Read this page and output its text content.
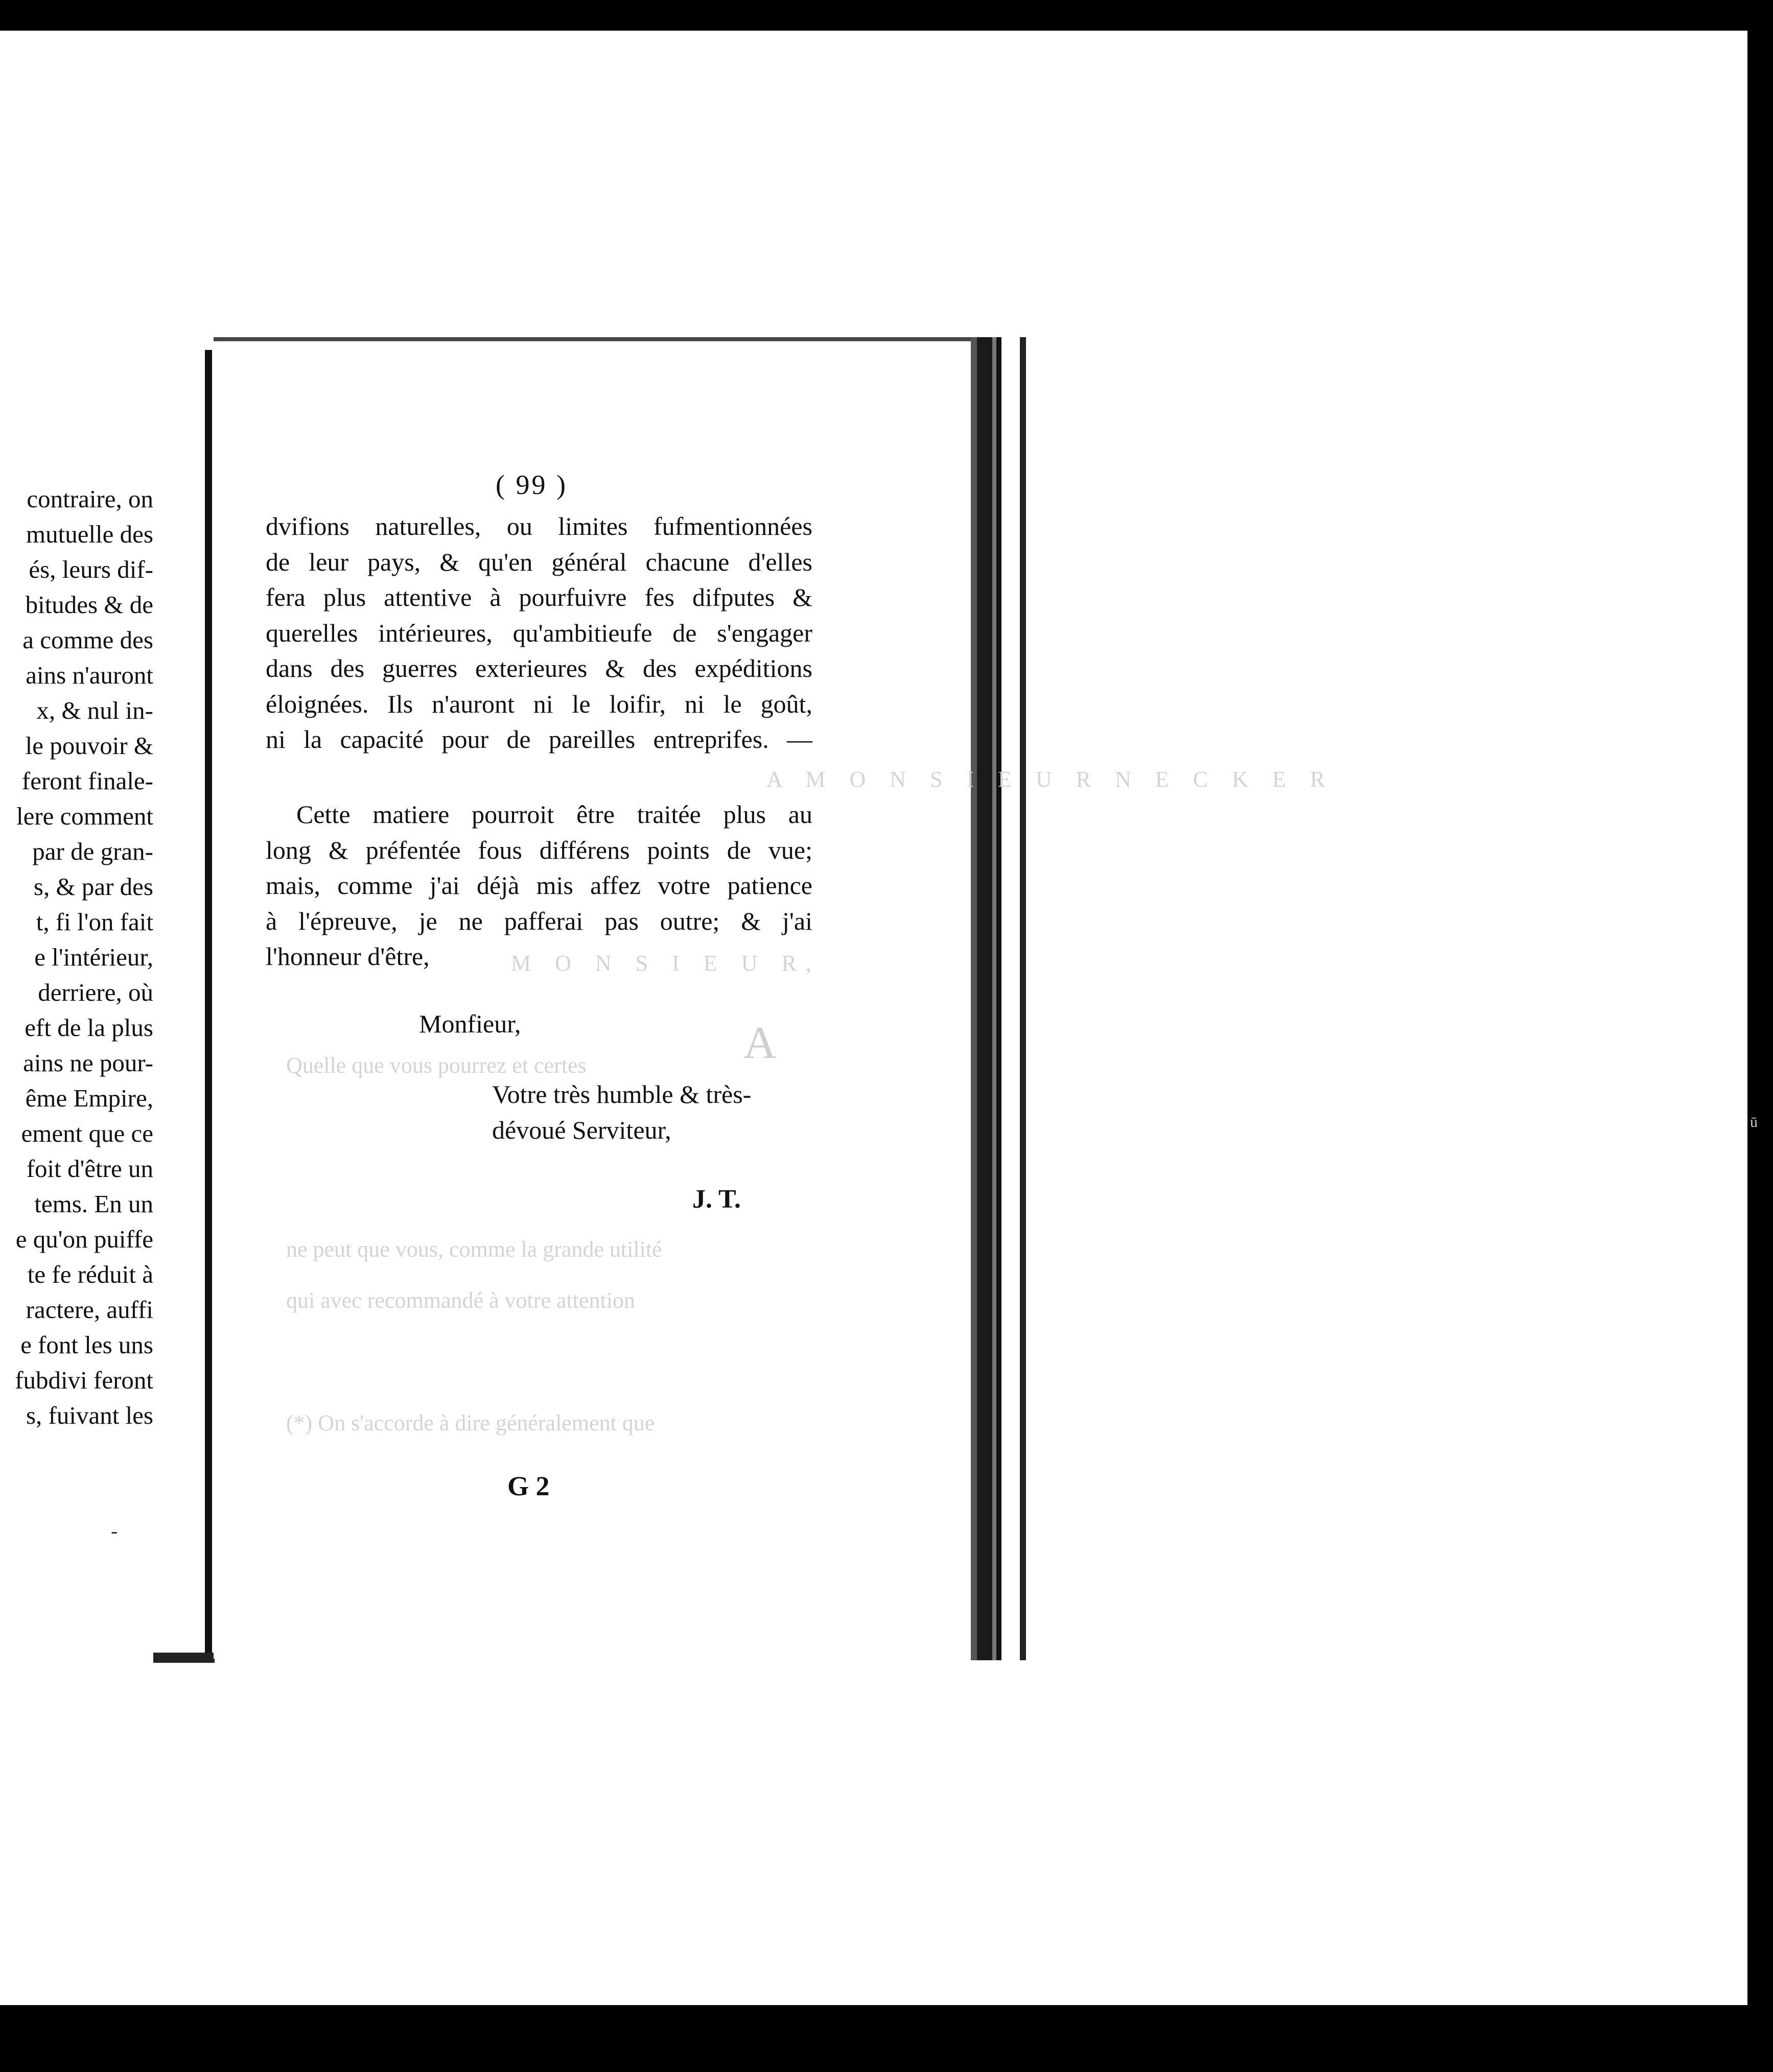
contraire, on
mutuelle des
és, leurs dif-
bitudes & de
a comme des
ains n'auront
x, & nul in-
le pouvoir &
feront finale-
lere comment
par de gran-
s, & par des
t, fi l'on fait
e l'intérieur,
derriere, où
eft de la plus
ains ne pour-
ême Empire,
ement que ce
foit d'être un
tems. En un
e qu'on puiffe
te fe réduit à
ractere, auffi
e font les uns
fubdivi feront
s, fuivant les
-
A M O N S I E U R N E C K E R
M O N S I E U R,
A
Quelle que vous pourrez et certes
ne peut que vous, comme la grande utilité
qui avec recommandé à votre attention
(*) On s'accorde à dire généralement que
( 99 )
dvifions naturelles, ou limites fufmentionnées
de leur pays, & qu'en général chacune d'elles
fera plus attentive à pourfuivre fes difputes &
querelles intérieures, qu'ambitieufe de s'engager
dans des guerres exterieures & des expéditions
éloignées. Ils n'auront ni le loifir, ni le goût,
ni la capacité pour de pareilles entreprifes. —
Cette matiere pourroit être traitée plus au
long & préfentée fous différens points de vue;
mais, comme j'ai déjà mis affez votre patience
à l'épreuve, je ne pafferai pas outre; & j'ai
l'honneur d'être,
Monfieur,
Votre très humble & très-
dévoué Serviteur,
J. T.
G 2
ū
